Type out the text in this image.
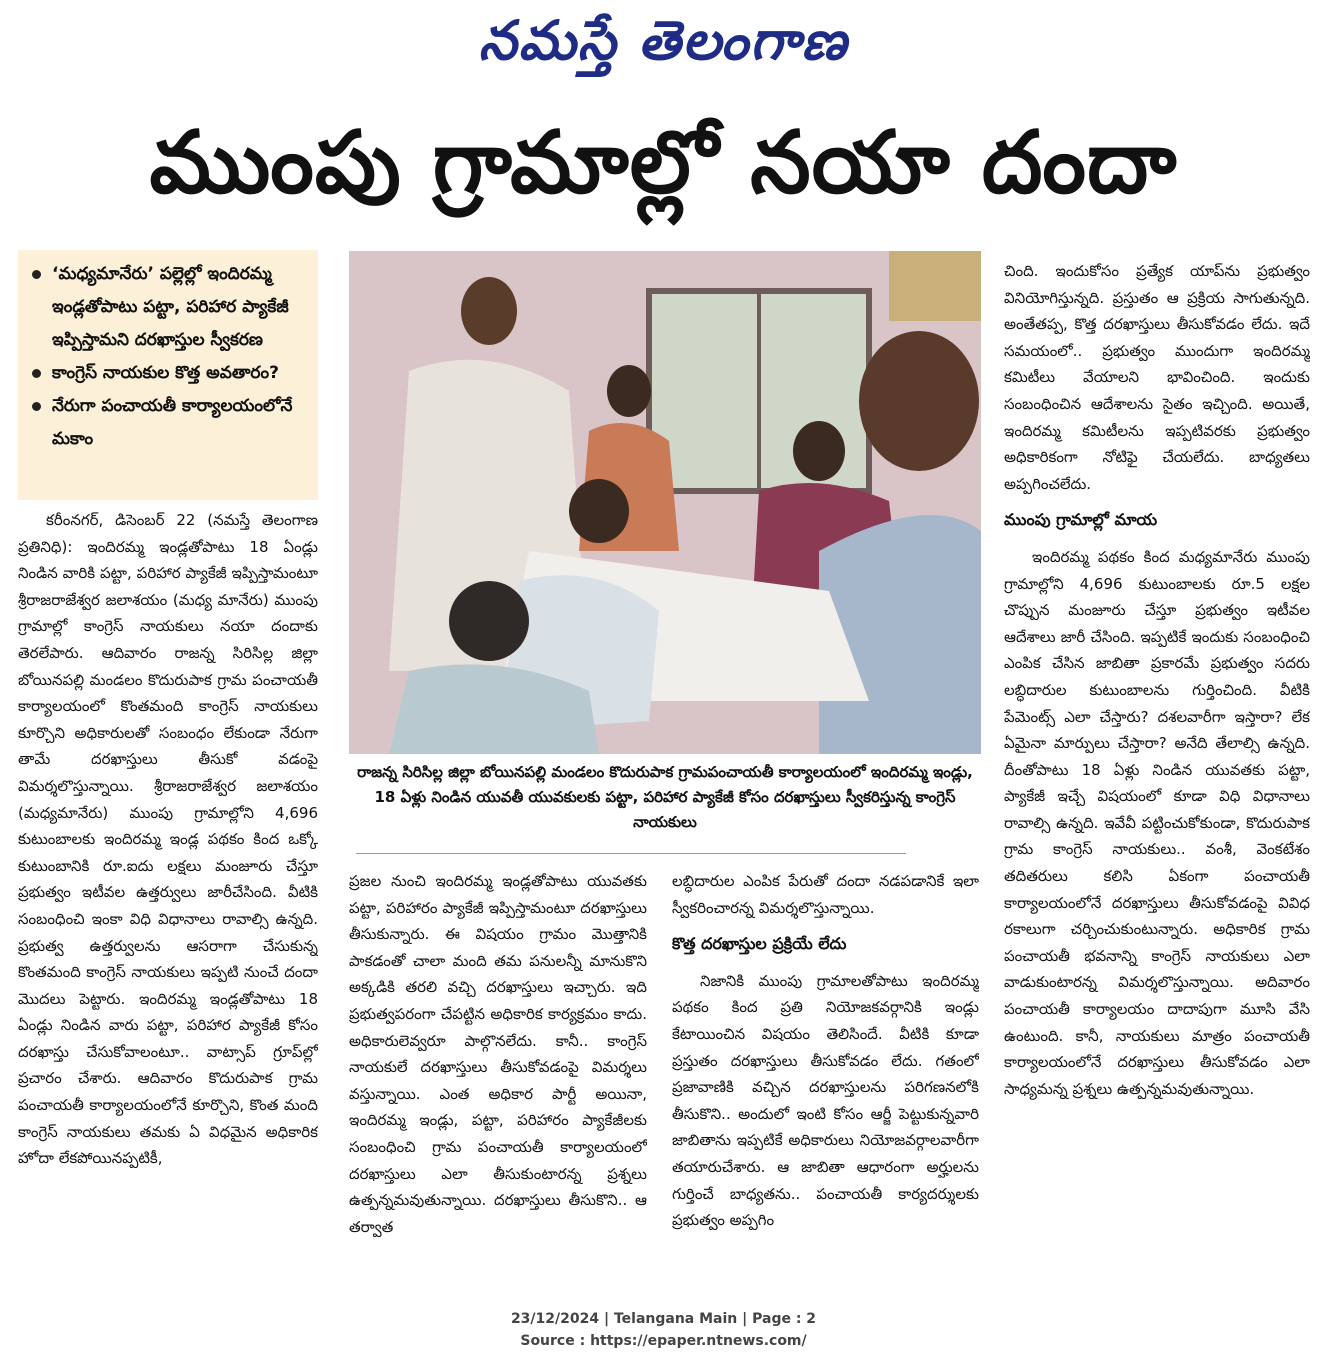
నమస్తే తెలంగాణ
ముంపు గ్రామాల్లో నయా దందా
‘మధ్యమానేరు’ పల్లెల్లో ఇందిరమ్మ ఇండ్లతోపాటు పట్టా, పరిహార ప్యాకేజీ ఇప్పిస్తామని దరఖాస్తుల స్వీకరణ
కాంగ్రెస్ నాయకుల కొత్త అవతారం?
నేరుగా పంచాయతీ కార్యాలయంలోనే మకాం

కరీంనగర్, డిసెంబర్ 22 (నమస్తే తెలంగాణ ప్రతినిధి): ఇందిరమ్మ ఇండ్లతోపాటు 18 ఏండ్లు నిండిన వారికి పట్టా, పరిహార ప్యాకేజీ ఇప్పిస్తామంటూ శ్రీరాజరాజేశ్వర జలాశయం (మధ్య మానేరు) ముంపు గ్రామాల్లో కాంగ్రెస్ నాయకులు నయా దందాకు తెరలేపారు. ఆదివారం రాజన్న సిరిసిల్ల జిల్లా బోయినపల్లి మండలం కొదురుపాక గ్రామ పంచాయతీ కార్యాలయంలో కొంతమంది కాంగ్రెస్ నాయకులు కూర్చొని అధికారులతో సంబంధం లేకుండా నేరుగా తామే దరఖాస్తులు తీసుకో వడంపై విమర్శలొస్తున్నాయి. శ్రీరాజరాజేశ్వర జలాశయం (మధ్యమానేరు) ముంపు గ్రామాల్లోని 4,696 కుటుంబాలకు ఇందిరమ్మ ఇండ్ల పథకం కింద ఒక్కో కుటుంబానికి రూ.ఐదు లక్షలు మంజూరు చేస్తూ ప్రభుత్వం ఇటీవల ఉత్తర్వులు జారీచేసింది. వీటికి సంబంధించి ఇంకా విధి విధానాలు రావాల్సి ఉన్నది. ప్రభుత్వ ఉత్తర్వులను ఆసరాగా చేసుకున్న కొంతమంది కాంగ్రెస్ నాయకులు ఇప్పటి నుంచే దందా మొదలు పెట్టారు. ఇందిరమ్మ ఇండ్లతోపాటు 18 ఏండ్లు నిండిన వారు పట్టా, పరిహార ప్యాకేజీ కోసం దరఖాస్తు చేసుకోవాలంటూ.. వాట్సాప్ గ్రూప్‌ల్లో ప్రచారం చేశారు. ఆదివారం కొదురుపాక గ్రామ పంచాయతీ కార్యాలయంలోనే కూర్చొని, కొంత మంది కాంగ్రెస్ నాయకులు తమకు ఏ విధమైన అధికారిక హోదా లేకపోయినప్పటికీ,

రాజన్న సిరిసిల్ల జిల్లా బోయినపల్లి మండలం కొదురుపాక గ్రామపంచాయతీ కార్యాలయంలో ఇందిరమ్మ ఇండ్లు, 18 ఏళ్లు నిండిన యువతీ యువకులకు పట్టా, పరిహార ప్యాకేజీ కోసం దరఖాస్తులు స్వీకరిస్తున్న కాంగ్రెస్ నాయకులు

ప్రజల నుంచి ఇందిరమ్మ ఇండ్లతోపాటు యువతకు పట్టా, పరిహారం ప్యాకేజీ ఇప్పిస్తామంటూ దరఖాస్తులు తీసుకున్నారు. ఈ విషయం గ్రామం మొత్తానికి పాకడంతో చాలా మంది తమ పనులన్నీ మానుకొని అక్కడికి తరలి వచ్చి దరఖాస్తులు ఇచ్చారు. ఇది ప్రభుత్వపరంగా చేపట్టిన అధికారిక కార్యక్రమం కాదు. అధికారులెవ్వరూ పాల్గొనలేదు. కానీ.. కాంగ్రెస్ నాయకులే దరఖాస్తులు తీసుకోవడంపై విమర్శలు వస్తున్నాయి. ఎంత అధికార పార్టీ అయినా, ఇందిరమ్మ ఇండ్లు, పట్టా, పరిహారం ప్యాకేజీలకు సంబంధించి గ్రామ పంచాయతీ కార్యాలయంలో దరఖాస్తులు ఎలా తీసుకుంటారన్న ప్రశ్నలు ఉత్పన్నమవుతున్నాయి. దరఖాస్తులు తీసుకొని.. ఆ తర్వాత

లబ్ధిదారుల ఎంపిక పేరుతో దందా నడపడానికే ఇలా స్వీకరించారన్న విమర్శలొస్తున్నాయి.

కొత్త దరఖాస్తుల ప్రక్రియే లేదు

నిజానికి ముంపు గ్రామాలతోపాటు ఇందిరమ్మ పథకం కింద ప్రతి నియోజకవర్గానికి ఇండ్లు కేటాయించిన విషయం తెలిసిందే. వీటికి కూడా ప్రస్తుతం దరఖాస్తులు తీసుకోవడం లేదు. గతంలో ప్రజావాణికి వచ్చిన దరఖాస్తులను పరిగణనలోకి తీసుకొని.. అందులో ఇంటి కోసం ఆర్జీ పెట్టుకున్నవారి జాబితాను ఇప్పటికే అధికారులు నియోజవర్గాలవారీగా తయారుచేశారు. ఆ జాబితా ఆధారంగా అర్హులను గుర్తించే బాధ్యతను.. పంచాయతీ కార్యదర్శులకు ప్రభుత్వం అప్పగిం

చింది. ఇందుకోసం ప్రత్యేక యాప్‌ను ప్రభుత్వం వినియోగిస్తున్నది. ప్రస్తుతం ఆ ప్రక్రియ సాగుతున్నది. అంతేతప్ప, కొత్త దరఖాస్తులు తీసుకోవడం లేదు. ఇదే సమయంలో.. ప్రభుత్వం ముందుగా ఇందిరమ్మ కమిటీలు వేయాలని భావించింది. ఇందుకు సంబంధించిన ఆదేశాలను సైతం ఇచ్చింది. అయితే, ఇందిరమ్మ కమిటీలను ఇప్పటివరకు ప్రభుత్వం అధికారికంగా నోటిఫై చేయలేదు. బాధ్యతలు అప్పగించలేదు.

ముంపు గ్రామాల్లో మాయ

ఇందిరమ్మ పథకం కింద మధ్యమానేరు ముంపు గ్రామాల్లోని 4,696 కుటుంబాలకు రూ.5 లక్షల చొప్పున మంజూరు చేస్తూ ప్రభుత్వం ఇటీవల ఆదేశాలు జారీ చేసింది. ఇప్పటికే ఇందుకు సంబంధించి ఎంపిక చేసిన జాబితా ప్రకారమే ప్రభుత్వం సదరు లబ్ధిదారుల కుటుంబాలను గుర్తించింది. వీటికి పేమెంట్స్ ఎలా చేస్తారు? దశలవారీగా ఇస్తారా? లేక ఏమైనా మార్పులు చేస్తారా? అనేది తేలాల్సి ఉన్నది. దీంతోపాటు 18 ఏళ్లు నిండిన యువతకు పట్టా, ప్యాకేజీ ఇచ్చే విషయంలో కూడా విధి విధానాలు రావాల్సి ఉన్నది. ఇవేవీ పట్టించుకోకుండా, కొదురుపాక గ్రామ కాంగ్రెస్ నాయకులు.. వంశీ, వెంకటేశం తదితరులు కలిసి ఏకంగా పంచాయతీ కార్యాలయంలోనే దరఖాస్తులు తీసుకోవడంపై వివిధ రకాలుగా చర్చించుకుంటున్నారు. అధికారిక గ్రామ పంచాయతీ భవనాన్ని కాంగ్రెస్ నాయకులు ఎలా వాడుకుంటారన్న విమర్శలొస్తున్నాయి. అదివారం పంచాయతీ కార్యాలయం దాదాపుగా మూసి వేసి ఉంటుంది. కానీ, నాయకులు మాత్రం పంచాయతీ కార్యాలయంలోనే దరఖాస్తులు తీసుకోవడం ఎలా సాధ్యమన్న ప్రశ్నలు ఉత్పన్నమవుతున్నాయి.

23/12/2024 | Telangana Main | Page : 2
Source : https://epaper.ntnews.com/
